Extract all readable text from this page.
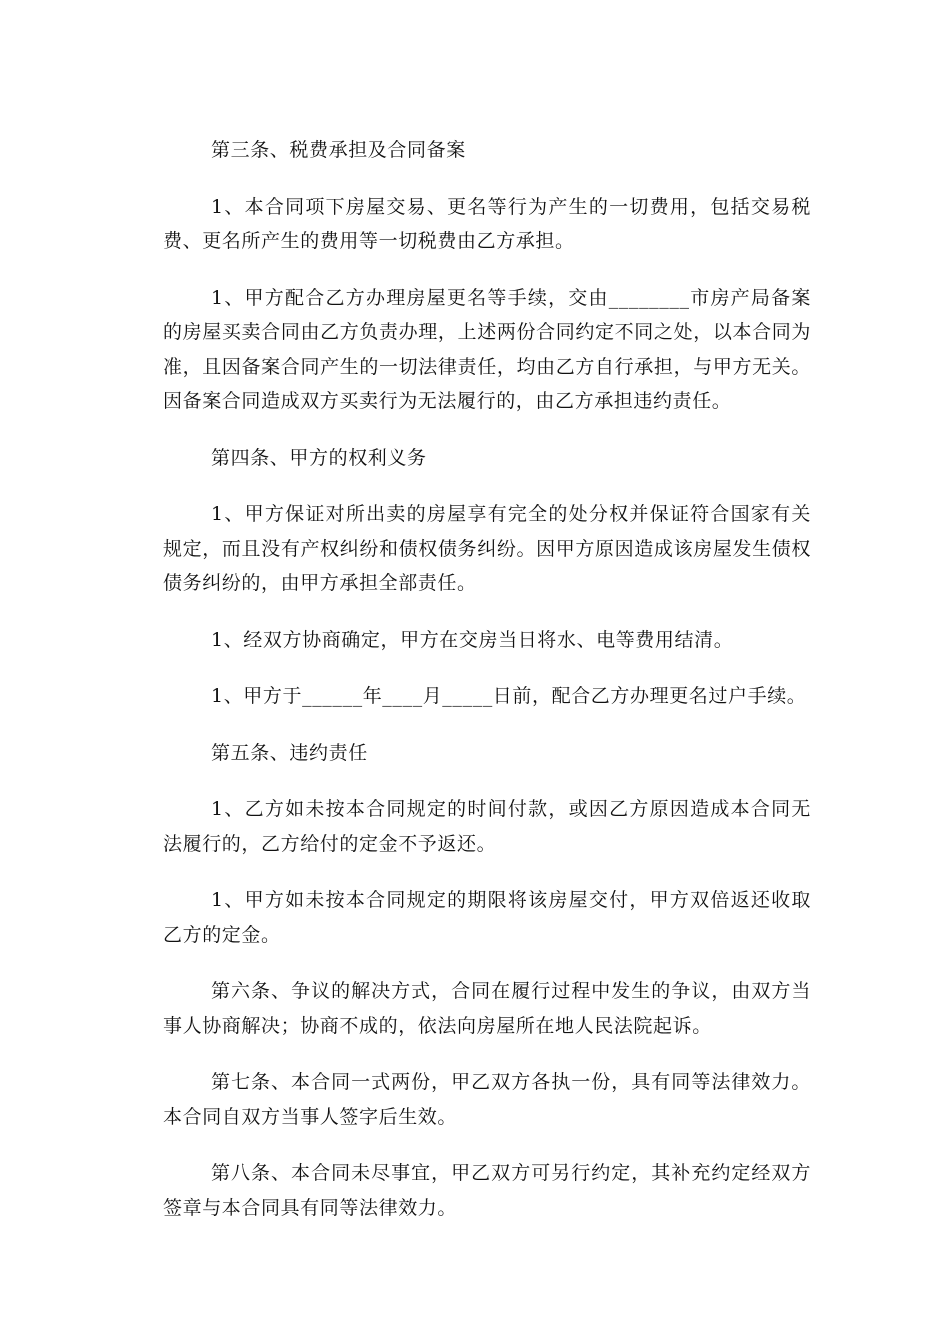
第三条、税费承担及合同备案

1、本合同项下房屋交易、更名等行为产生的一切费用，包括交易税费、更名所产生的费用等一切税费由乙方承担。

1、甲方配合乙方办理房屋更名等手续，交由________市房产局备案的房屋买卖合同由乙方负责办理，上述两份合同约定不同之处，以本合同为准，且因备案合同产生的一切法律责任，均由乙方自行承担，与甲方无关。因备案合同造成双方买卖行为无法履行的，由乙方承担违约责任。

第四条、甲方的权利义务

1、甲方保证对所出卖的房屋享有完全的处分权并保证符合国家有关规定，而且没有产权纠纷和债权债务纠纷。因甲方原因造成该房屋发生债权债务纠纷的，由甲方承担全部责任。

1、经双方协商确定，甲方在交房当日将水、电等费用结清。

1、甲方于______年____月_____日前，配合乙方办理更名过户手续。

第五条、违约责任

1、乙方如未按本合同规定的时间付款，或因乙方原因造成本合同无法履行的，乙方给付的定金不予返还。

1、甲方如未按本合同规定的期限将该房屋交付，甲方双倍返还收取乙方的定金。

第六条、争议的解决方式，合同在履行过程中发生的争议，由双方当事人协商解决；协商不成的，依法向房屋所在地人民法院起诉。

第七条、本合同一式两份，甲乙双方各执一份，具有同等法律效力。本合同自双方当事人签字后生效。

第八条、本合同未尽事宜，甲乙双方可另行约定，其补充约定经双方签章与本合同具有同等法律效力。
